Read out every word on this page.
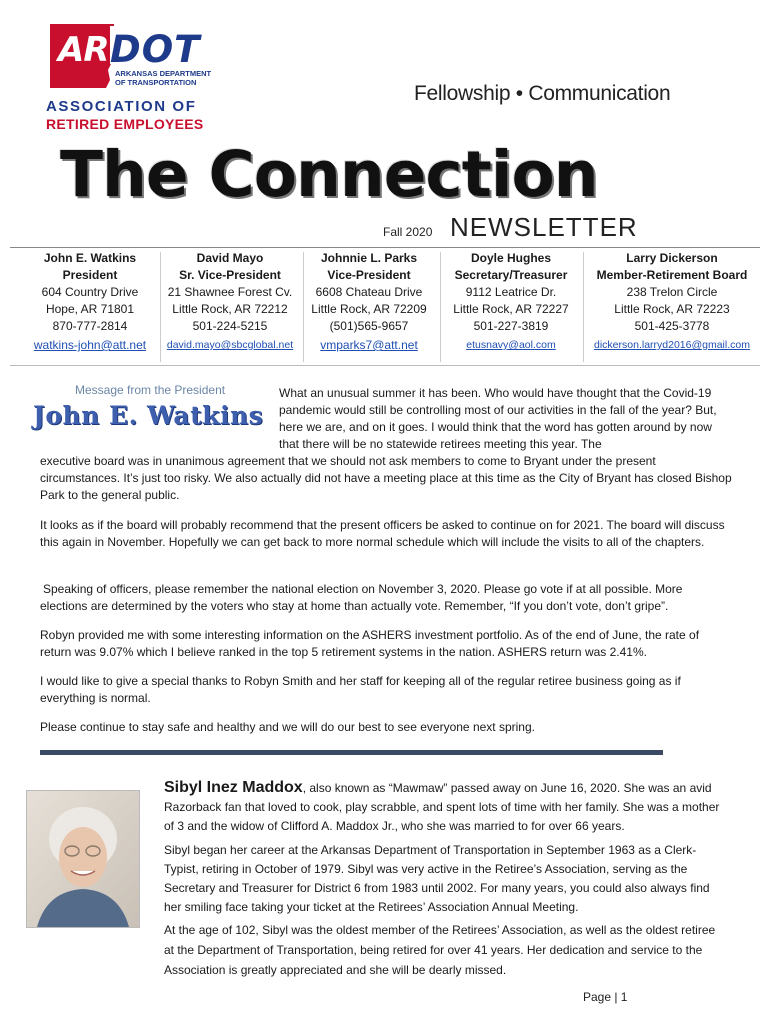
AR DOT
ARKANSAS DEPARTMENT
OF TRANSPORTATION
ASSOCIATION OF
RETIRED EMPLOYEES
Fellowship • Communication
The Connection
Fall 2020 NEWSLETTER
John E. Watkins
President
604 Country Drive
Hope, AR 71801
870-777-2814
watkins-john@att.net
David Mayo
Sr. Vice-President
21 Shawnee Forest Cv.
Little Rock, AR 72212
501-224-5215
david.mayo@sbcglobal.net
Johnnie L. Parks
Vice-President
6608 Chateau Drive
Little Rock, AR 72209
(501)565-9657
vmparks7@att.net
Doyle Hughes
Secretary/Treasurer
9112 Leatrice Dr.
Little Rock, AR 72227
501-227-3819
etusnavy@aol.com
Larry Dickerson
Member-Retirement Board
238 Trelon Circle
Little Rock, AR 72223
501-425-3778
dickerson.larryd2016@gmail.com
Message from the President
John E. Watkins
What an unusual summer it has been. Who would have thought that the Covid-19 pandemic would still be controlling most of our activities in the fall of the year? But, here we are, and on it goes. I would think that the word has gotten around by now that there will be no statewide retirees meeting this year. The
executive board was in unanimous agreement that we should not ask members to come to Bryant under the present circumstances. It’s just too risky. We also actually did not have a meeting place at this time as the City of Bryant has closed Bishop Park to the general public.
It looks as if the board will probably recommend that the present officers be asked to continue on for 2021. The board will discuss this again in November. Hopefully we can get back to more normal schedule which will include the visits to all of the chapters.
Speaking of officers, please remember the national election on November 3, 2020. Please go vote if at all possible. More elections are determined by the voters who stay at home than actually vote. Remember, “If you don’t vote, don’t gripe”.
Robyn provided me with some interesting information on the ASHERS investment portfolio. As of the end of June, the rate of return was 9.07% which I believe ranked in the top 5 retirement systems in the nation. ASHERS return was 2.41%.
I would like to give a special thanks to Robyn Smith and her staff for keeping all of the regular retiree business going as if everything is normal.
Please continue to stay safe and healthy and we will do our best to see everyone next spring.
Sibyl Inez Maddox, also known as “Mawmaw” passed away on June 16, 2020. She was an avid Razorback fan that loved to cook, play scrabble, and spent lots of time with her family. She was a mother of 3 and the widow of Clifford A. Maddox Jr., who she was married to for over 66 years.
Sibyl began her career at the Arkansas Department of Transportation in September 1963 as a Clerk-Typist, retiring in October of 1979. Sibyl was very active in the Retiree’s Association, serving as the Secretary and Treasurer for District 6 from 1983 until 2002. For many years, you could also always find her smiling face taking your ticket at the Retirees’ Association Annual Meeting.
At the age of 102, Sibyl was the oldest member of the Retirees’ Association, as well as the oldest retiree at the Department of Transportation, being retired for over 41 years. Her dedication and service to the Association is greatly appreciated and she will be dearly missed.
Page | 1
